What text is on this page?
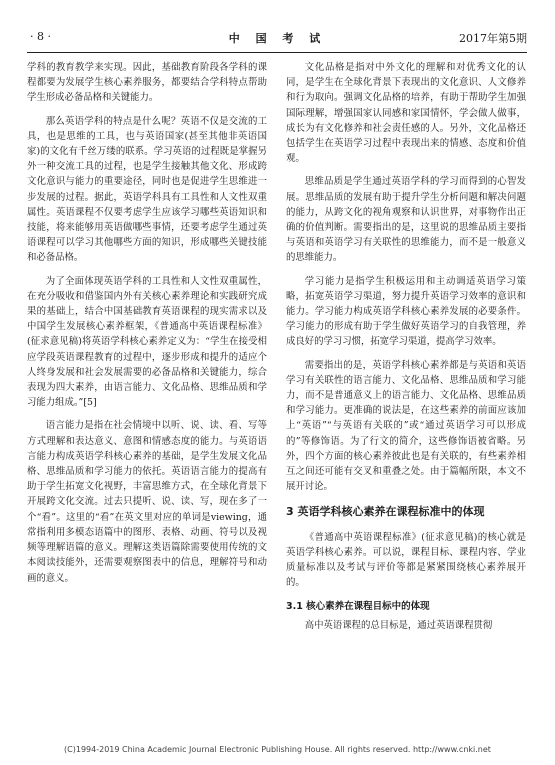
中 国 考 试
· 8 ·	2017年第5期

学科的教育教学来实现。因此，基础教育阶段各学科的课程都要为发展学生核心素养服务，都要结合学科特点帮助学生形成必备品格和关键能力。

那么英语学科的特点是什么呢？英语不仅是交流的工具，也是思维的工具，也与英语国家(甚至其他非英语国家)的文化有千丝万缕的联系。学习英语的过程既是掌握另外一种交流工具的过程，也是学生接触其他文化、形成跨文化意识与能力的重要途径，同时也是促进学生思维进一步发展的过程。据此，英语学科具有工具性和人文性双重属性。英语课程不仅要考虑学生应该学习哪些英语知识和技能，将来能够用英语做哪些事情，还要考虑学生通过英语课程可以学习其他哪些方面的知识，形成哪些关键技能和必备品格。

为了全面体现英语学科的工具性和人文性双重属性，在充分吸收和借鉴国内外有关核心素养理论和实践研究成果的基础上，结合中国基础教育英语课程的现实需求以及中国学生发展核心素养框架，《普通高中英语课程标准》(征求意见稿)将英语学科核心素养定义为：“学生在接受相应学段英语课程教育的过程中，逐步形成和提升的适应个人终身发展和社会发展需要的必备品格和关键能力，综合表现为四大素养，由语言能力、文化品格、思维品质和学习能力组成。”[5]

语言能力是指在社会情境中以听、说、读、看、写等方式理解和表达意义、意图和情感态度的能力。与英语语言能力构成英语学科核心素养的基础，是学生发展文化品格、思维品质和学习能力的依托。英语语言能力的提高有助于学生拓宽文化视野，丰富思维方式，在全球化背景下开展跨文化交流。过去只提听、说、读、写，现在多了一个“看”。这里的“看”在英文里对应的单词是viewing，通常指利用多模态语篇中的图形、表格、动画、符号以及视频等理解语篇的意义。理解这类语篇除需要使用传统的文本阅读技能外，还需要观察图表中的信息，理解符号和动画的意义。

文化品格是指对中外文化的理解和对优秀文化的认同，是学生在全球化背景下表现出的文化意识、人文修养和行为取向。强调文化品格的培养，有助于帮助学生加强国际理解，增强国家认同感和家国情怀，学会做人做事，成长为有文化修养和社会责任感的人。另外，文化品格还包括学生在英语学习过程中表现出来的情感、态度和价值观。

思维品质是学生通过英语学科的学习而得到的心智发展。思维品质的发展有助于提升学生分析问题和解决问题的能力，从跨文化的视角观察和认识世界，对事物作出正确的价值判断。需要指出的是，这里说的思维品质主要指与英语和英语学习有关联性的思维能力，而不是一般意义的思维能力。

学习能力是指学生积极运用和主动调适英语学习策略，拓宽英语学习渠道，努力提升英语学习效率的意识和能力。学习能力构成英语学科核心素养发展的必要条件。学习能力的形成有助于学生做好英语学习的自我管理，养成良好的学习习惯，拓宽学习渠道，提高学习效率。

需要指出的是，英语学科核心素养都是与英语和英语学习有关联性的语言能力、文化品格、思维品质和学习能力，而不是普通意义上的语言能力、文化品格、思维品质和学习能力。更准确的说法是，在这些素养的前面应该加上“英语”“与英语有关联的”或“通过英语学习可以形成的”等修饰语。为了行文的简介，这些修饰语被省略。另外，四个方面的核心素养彼此也是有关联的，有些素养相互之间还可能有交叉和重叠之处。由于篇幅所限，本文不展开讨论。

3 英语学科核心素养在课程标准中的体现

《普通高中英语课程标准》(征求意见稿)的核心就是英语学科核心素养。可以说，课程目标、课程内容、学业质量标准以及考试与评价等都是紧紧围绕核心素养展开的。

3.1 核心素养在课程目标中的体现

高中英语课程的总目标是，通过英语课程贯彻

(C)1994-2019 China Academic Journal Electronic Publishing House. All rights reserved. http://www.cnki.net
